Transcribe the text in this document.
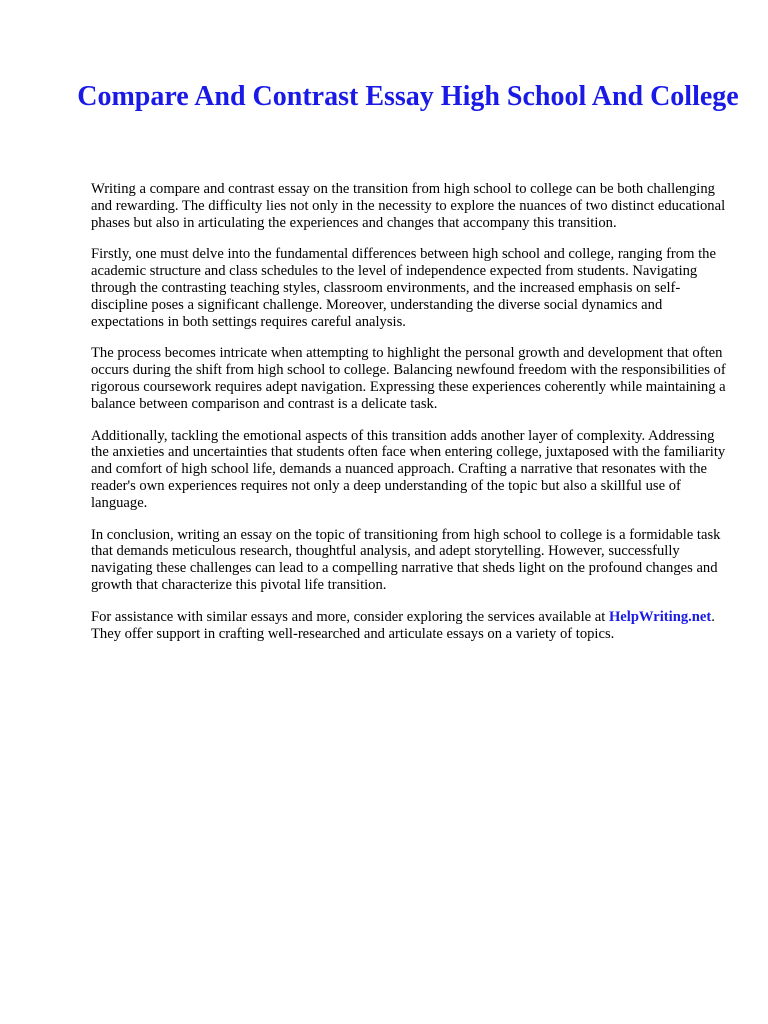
Compare And Contrast Essay High School And College

Writing a compare and contrast essay on the transition from high school to college can be both challenging and rewarding. The difficulty lies not only in the necessity to explore the nuances of two distinct educational phases but also in articulating the experiences and changes that accompany this transition.

Firstly, one must delve into the fundamental differences between high school and college, ranging from the academic structure and class schedules to the level of independence expected from students. Navigating through the contrasting teaching styles, classroom environments, and the increased emphasis on self-discipline poses a significant challenge. Moreover, understanding the diverse social dynamics and expectations in both settings requires careful analysis.

The process becomes intricate when attempting to highlight the personal growth and development that often occurs during the shift from high school to college. Balancing newfound freedom with the responsibilities of rigorous coursework requires adept navigation. Expressing these experiences coherently while maintaining a balance between comparison and contrast is a delicate task.

Additionally, tackling the emotional aspects of this transition adds another layer of complexity. Addressing the anxieties and uncertainties that students often face when entering college, juxtaposed with the familiarity and comfort of high school life, demands a nuanced approach. Crafting a narrative that resonates with the reader's own experiences requires not only a deep understanding of the topic but also a skillful use of language.

In conclusion, writing an essay on the topic of transitioning from high school to college is a formidable task that demands meticulous research, thoughtful analysis, and adept storytelling. However, successfully navigating these challenges can lead to a compelling narrative that sheds light on the profound changes and growth that characterize this pivotal life transition.

For assistance with similar essays and more, consider exploring the services available at HelpWriting.net. They offer support in crafting well-researched and articulate essays on a variety of topics.
